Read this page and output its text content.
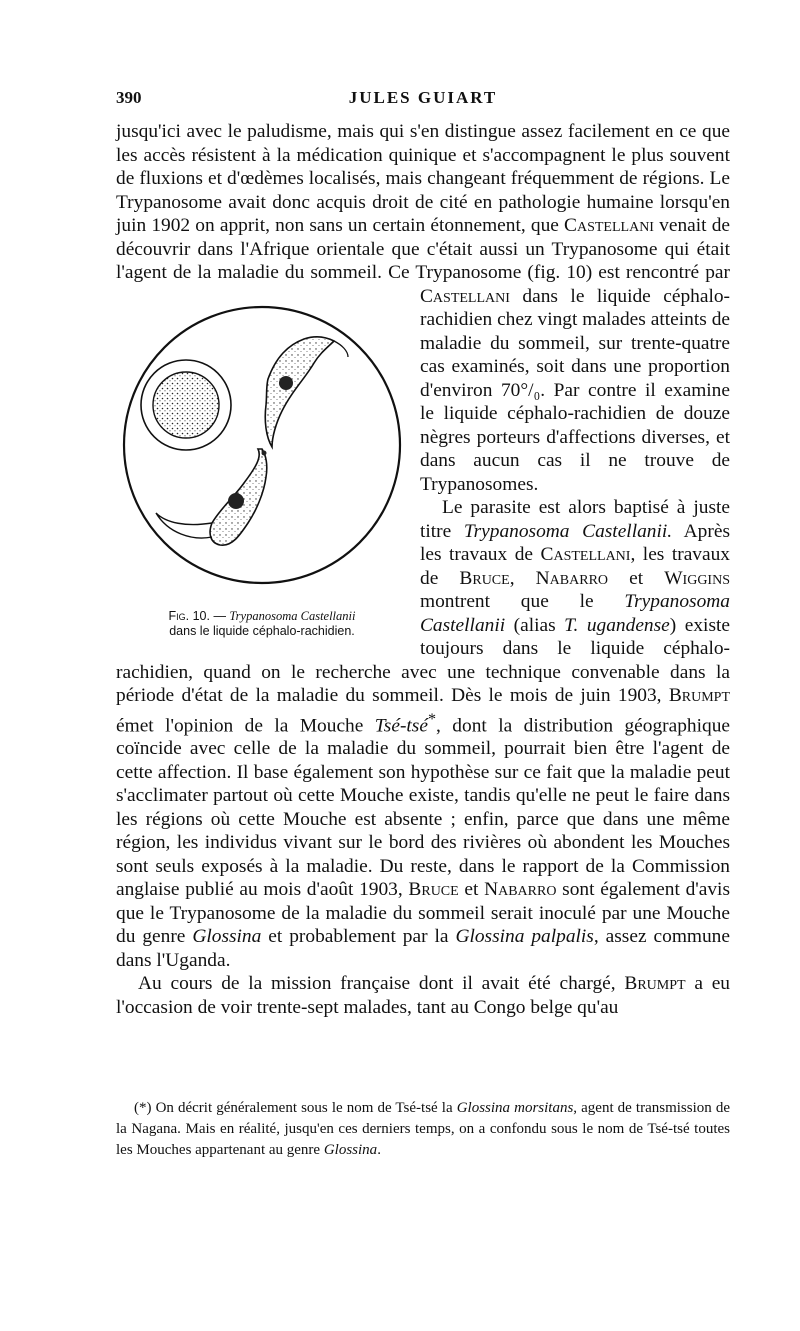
390	JULES GUIART

jusqu'ici avec le paludisme, mais qui s'en distingue assez facilement en ce que les accès résistent à la médication quinique et s'accompagnent le plus souvent de fluxions et d'œdèmes localisés, mais changeant fréquemment de régions. Le Trypanosome avait donc acquis droit de cité en pathologie humaine lorsqu'en juin 1902 on apprit, non sans un certain étonnement, que Castellani venait de découvrir dans l'Afrique orientale que c'était aussi un Trypanosome qui était l'agent de la maladie du sommeil. Ce Trypanosome (fig. 10) est rencontré par Castellani
Fig. 10. — Trypanosoma Castellanii
dans le liquide céphalo-rachidien.
dans le liquide céphalo-rachidien chez vingt malades atteints de maladie du sommeil, sur trente-quatre cas examinés, soit dans une proportion d'environ 70°/₀. Par contre il examine le liquide céphalo-rachidien de douze nègres porteurs d'affections diverses, et dans aucun cas il ne trouve de Trypanosomes.

Le parasite est alors baptisé à juste titre Trypanosoma Castellanii. Après les travaux de Castellani, les travaux de Bruce, Nabarro et Wiggins montrent que le Trypanosoma Castellanii (alias T. ugandense) existe toujours dans le liquide céphalo-rachidien, quand on le recherche avec une technique convenable dans la période d'état de la maladie du sommeil. Dès le mois de juin 1903, Brumpt émet l'opinion de la Mouche Tsé-tsé*, dont la distribution géographique coïncide avec celle de la maladie du sommeil, pourrait bien être l'agent de cette affection. Il base également son hypothèse sur ce fait que la maladie peut s'acclimater partout où cette Mouche existe, tandis qu'elle ne peut le faire dans les régions où cette Mouche est absente ; enfin, parce que dans une même région, les individus vivant sur le bord des rivières où abondent les Mouches sont seuls exposés à la maladie. Du reste, dans le rapport de la Commission anglaise publié au mois d'août 1903, Bruce et Nabarro sont également d'avis que le Trypanosome de la maladie du sommeil serait inoculé par une Mouche du genre Glossina et probablement par la Glossina palpalis, assez commune dans l'Uganda.

Au cours de la mission française dont il avait été chargé, Brumpt a eu l'occasion de voir trente-sept malades, tant au Congo belge qu'au

(*) On décrit généralement sous le nom de Tsé-tsé la Glossina morsitans, agent de transmission de la Nagana. Mais en réalité, jusqu'en ces derniers temps, on a confondu sous le nom de Tsé-tsé toutes les Mouches appartenant au genre Glossina.
